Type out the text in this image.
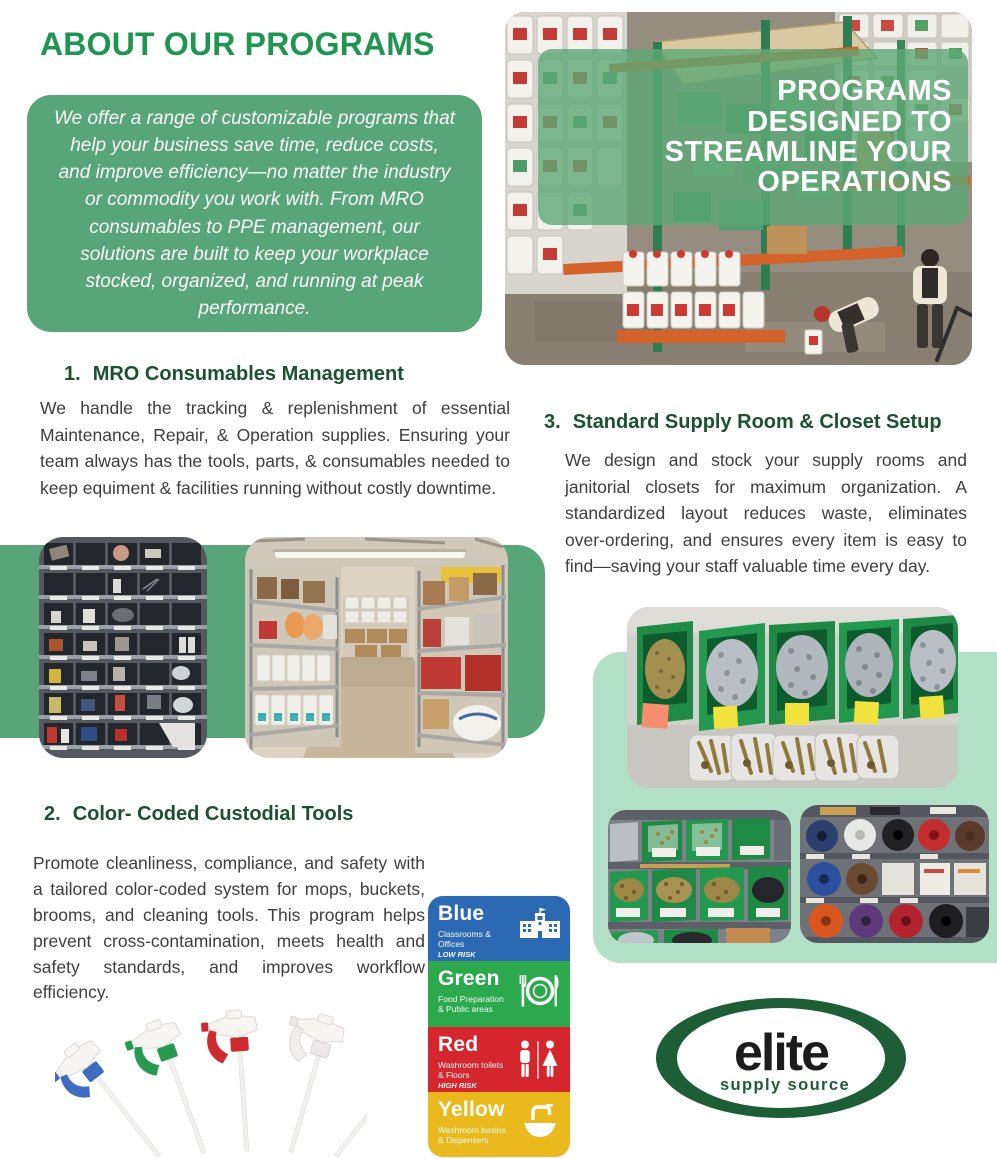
ABOUT OUR PROGRAMS

We offer a range of customizable programs that help your business save time, reduce costs, and improve efficiency—no matter the industry or commodity you work with. From MRO consumables to PPE management, our solutions are built to keep your workplace stocked, organized, and running at peak performance.

PROGRAMS
DESIGNED TO
STREAMLINE YOUR
OPERATIONS
1. MRO Consumables Management

We handle the tracking & replenishment of essential Maintenance, Repair, & Operation supplies. Ensuring your team always has the tools, parts, & consumables needed to keep equiment & facilities running without costly downtime.

3. Standard Supply Room & Closet Setup

We design and stock your supply rooms and janitorial closets for maximum organization. A standardized layout reduces waste, eliminates over-ordering, and ensures every item is easy to find—saving your staff valuable time every day.

2. Color- Coded Custodial Tools

Promote cleanliness, compliance, and safety with a tailored color-coded system for mops, buckets, brooms, and cleaning tools. This program helps prevent cross-contamination, meets health and safety standards, and improves workflow efficiency.

Blue
Classrooms & Offices
LOW RISK
Green
Food Preparation & Public areas
Red
Washroom toilets & Floors
HIGH RISK
Yellow
Washroom basins & Dispensers
elite
supply source
